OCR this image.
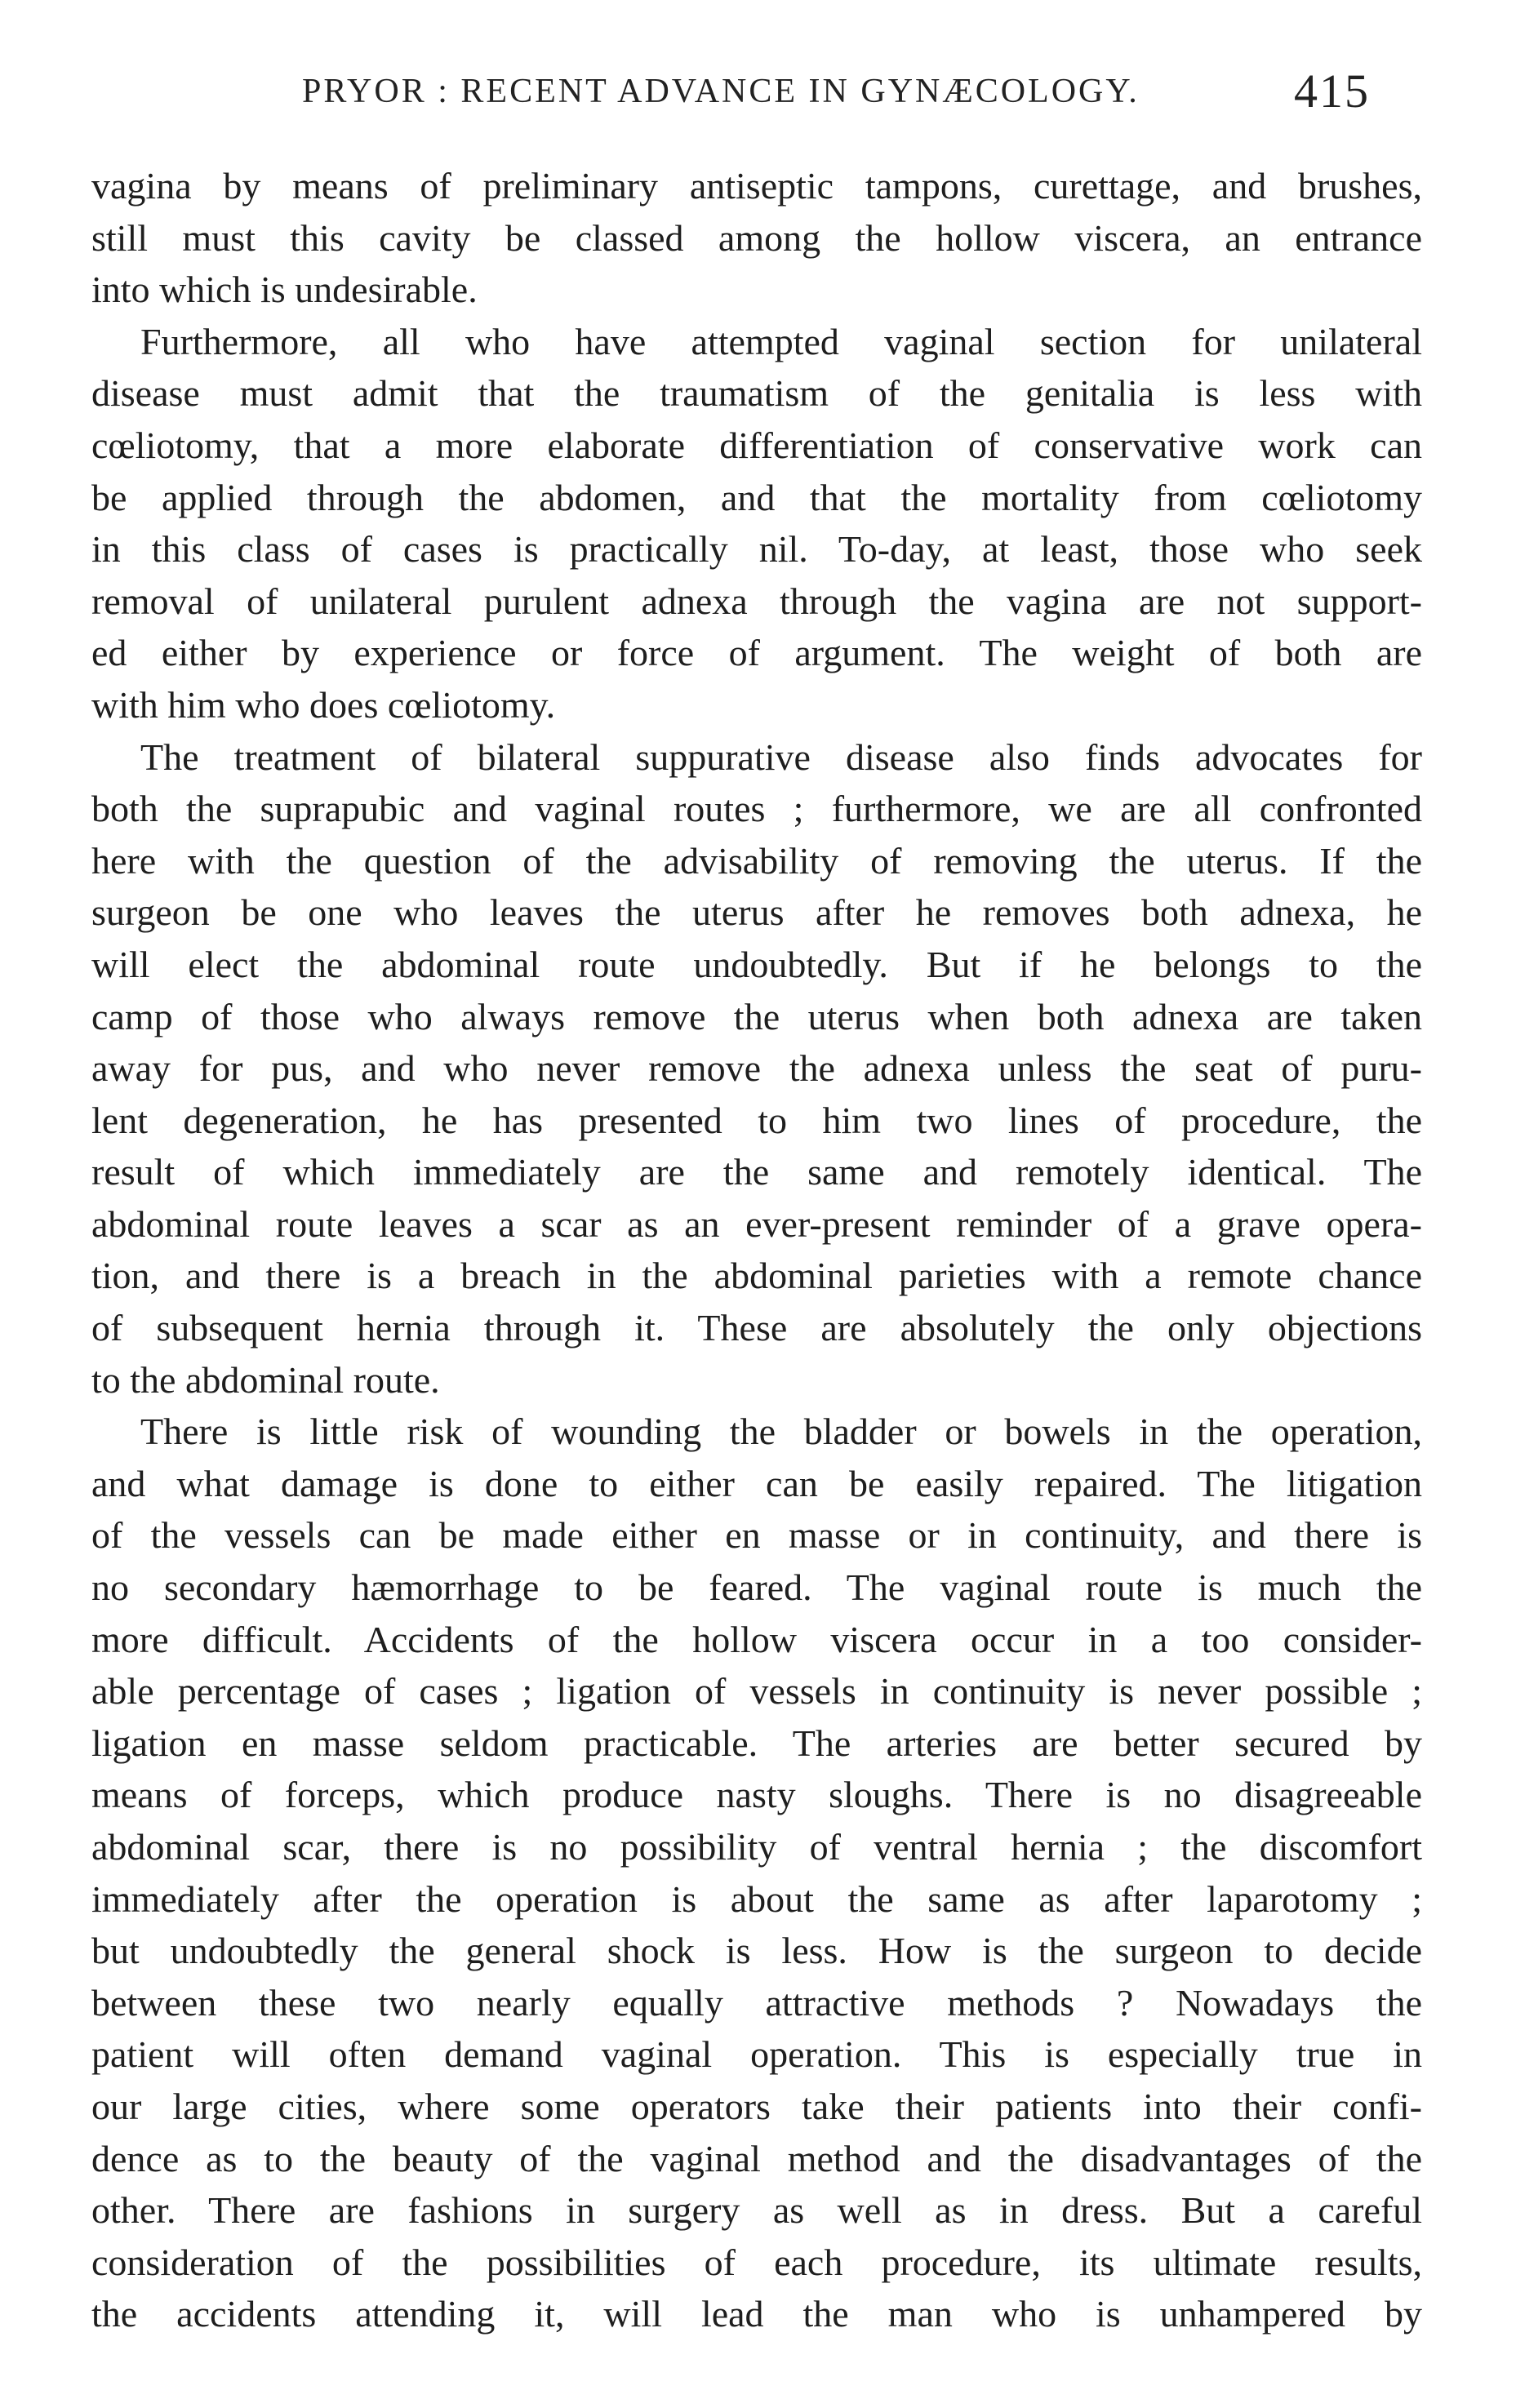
PRYOR : RECENT ADVANCE IN GYNÆCOLOGY.	415
vagina by means of preliminary antiseptic tampons, curettage, and brushes,
still must this cavity be classed among the hollow viscera, an entrance
into which is undesirable.
Furthermore, all who have attempted vaginal section for unilateral
disease must admit that the traumatism of the genitalia is less with
cœliotomy, that a more elaborate differentiation of conservative work can
be applied through the abdomen, and that the mortality from cœliotomy
in this class of cases is practically nil. To-day, at least, those who seek
removal of unilateral purulent adnexa through the vagina are not support-
ed either by experience or force of argument. The weight of both are
with him who does cœliotomy.
The treatment of bilateral suppurative disease also finds advocates for
both the suprapubic and vaginal routes ; furthermore, we are all confronted
here with the question of the advisability of removing the uterus. If the
surgeon be one who leaves the uterus after he removes both adnexa, he
will elect the abdominal route undoubtedly. But if he belongs to the
camp of those who always remove the uterus when both adnexa are taken
away for pus, and who never remove the adnexa unless the seat of puru-
lent degeneration, he has presented to him two lines of procedure, the
result of which immediately are the same and remotely identical. The
abdominal route leaves a scar as an ever-present reminder of a grave opera-
tion, and there is a breach in the abdominal parieties with a remote chance
of subsequent hernia through it. These are absolutely the only objections
to the abdominal route.
There is little risk of wounding the bladder or bowels in the operation,
and what damage is done to either can be easily repaired. The litigation
of the vessels can be made either en masse or in continuity, and there is
no secondary hæmorrhage to be feared. The vaginal route is much the
more difficult. Accidents of the hollow viscera occur in a too consider-
able percentage of cases ; ligation of vessels in continuity is never possible ;
ligation en masse seldom practicable. The arteries are better secured by
means of forceps, which produce nasty sloughs. There is no disagreeable
abdominal scar, there is no possibility of ventral hernia ; the discomfort
immediately after the operation is about the same as after laparotomy ;
but undoubtedly the general shock is less. How is the surgeon to decide
between these two nearly equally attractive methods ? Nowadays the
patient will often demand vaginal operation. This is especially true in
our large cities, where some operators take their patients into their confi-
dence as to the beauty of the vaginal method and the disadvantages of the
other. There are fashions in surgery as well as in dress. But a careful
consideration of the possibilities of each procedure, its ultimate results,
the accidents attending it, will lead the man who is unhampered by
